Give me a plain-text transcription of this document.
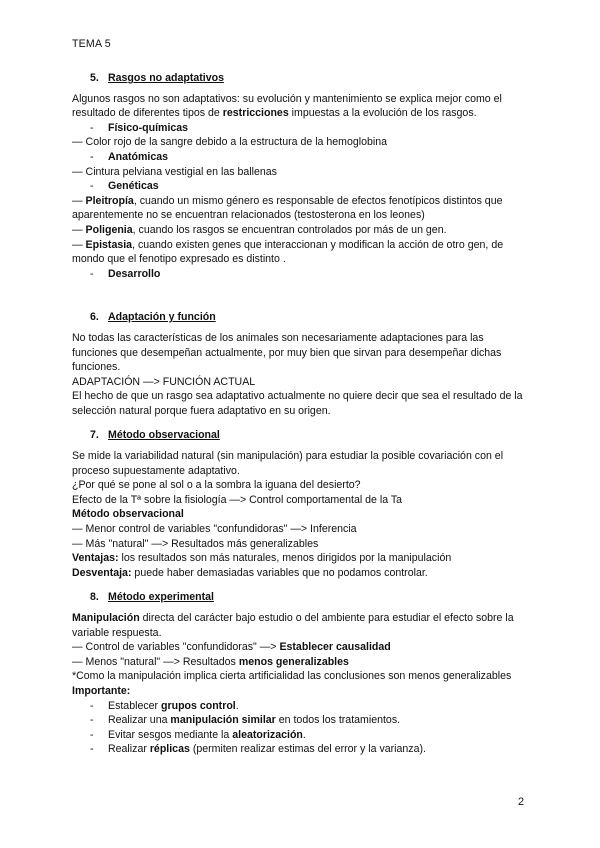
TEMA 5
5. Rasgos no adaptativos

Algunos rasgos no son adaptativos: su evolución y mantenimiento se explica mejor como el resultado de diferentes tipos de restricciones impuestas a la evolución de los rasgos.

-	Físico-químicas

— Color rojo de la sangre debido a la estructura de la hemoglobina

-	Anatómicas

— Cintura pelviana vestigial en las ballenas

-	Genéticas

— Pleitropía, cuando un mismo género es responsable de efectos fenotípicos distintos que aparentemente no se encuentran relacionados (testosterona en los leones)

— Poligenia, cuando los rasgos se encuentran controlados por más de un gen.

— Epistasia, cuando existen genes que interaccionan y modifican la acción de otro gen, de mondo que el fenotipo expresado es distinto .

-	Desarrollo
6. Adaptación y función

No todas las características de los animales son necesariamente adaptaciones para las funciones que desempeñan actualmente, por muy bien que sirvan para desempeñar dichas funciones.

ADAPTACIÓN —> FUNCIÓN ACTUAL

El hecho de que un rasgo sea adaptativo actualmente no quiere decir que sea el resultado de la selección natural porque fuera adaptativo en su origen.

7. Método observacional

Se mide la variabilidad natural (sin manipulación) para estudiar la posible covariación con el proceso supuestamente adaptativo.

¿Por qué se pone al sol o a la sombra la iguana del desierto?

Efecto de la Tª sobre la fisiología —> Control comportamental de la Ta

Método observacional

— Menor control de variables "confundidoras" —> Inferencia

— Más "natural" —> Resultados más generalizables

Ventajas: los resultados son más naturales, menos dirigidos por la manipulación

Desventaja: puede haber demasiadas variables que no podamos controlar.

8. Método experimental

Manipulación directa del carácter bajo estudio o del ambiente para estudiar el efecto sobre la variable respuesta.

— Control de variables "confundidoras" —> Establecer causalidad

— Menos "natural" —> Resultados menos generalizables

*Como la manipulación implica cierta artificialidad las conclusiones son menos generalizables

Importante:

-	Establecer grupos control.
-	Realizar una manipulación similar en todos los tratamientos.
-	Evitar sesgos mediante la aleatorización.
-	Realizar réplicas (permiten realizar estimas del error y la varianza).
2
